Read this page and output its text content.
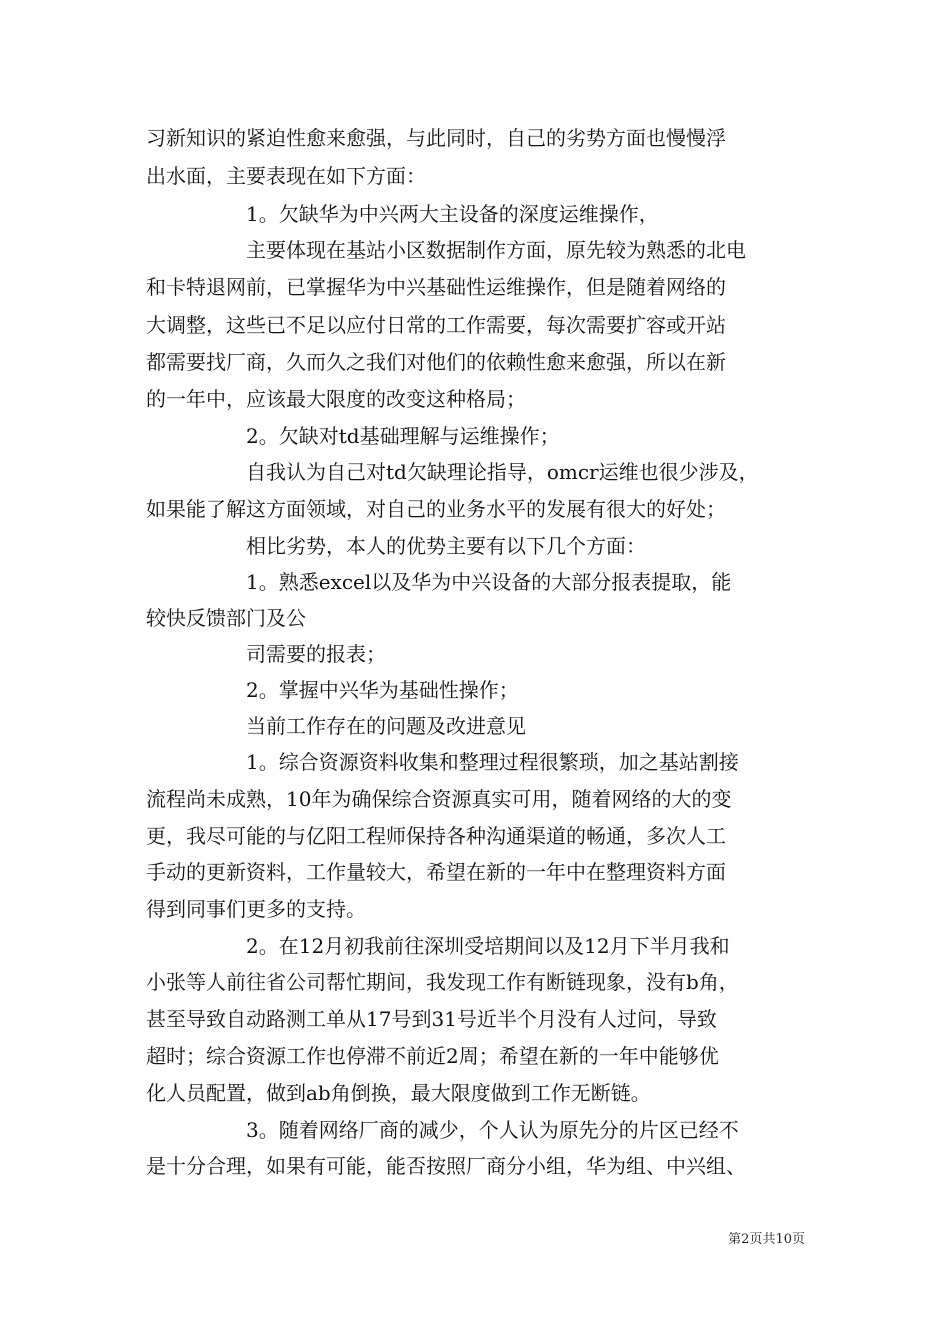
习新知识的紧迫性愈来愈强，与此同时，自己的劣势方面也慢慢浮
出水面，主要表现在如下方面：
1。欠缺华为中兴两大主设备的深度运维操作，
主要体现在基站小区数据制作方面，原先较为熟悉的北电
和卡特退网前，已掌握华为中兴基础性运维操作，但是随着网络的
大调整，这些已不足以应付日常的工作需要，每次需要扩容或开站
都需要找厂商，久而久之我们对他们的依赖性愈来愈强，所以在新
的一年中，应该最大限度的改变这种格局；
2。欠缺对td基础理解与运维操作；
自我认为自己对td欠缺理论指导，omcr运维也很少涉及，
如果能了解这方面领域，对自己的业务水平的发展有很大的好处；
相比劣势，本人的优势主要有以下几个方面：
1。熟悉excel以及华为中兴设备的大部分报表提取，能
较快反馈部门及公
司需要的报表；
2。掌握中兴华为基础性操作；
当前工作存在的问题及改进意见
1。综合资源资料收集和整理过程很繁琐，加之基站割接
流程尚未成熟，10年为确保综合资源真实可用，随着网络的大的变
更，我尽可能的与亿阳工程师保持各种沟通渠道的畅通，多次人工
手动的更新资料，工作量较大，希望在新的一年中在整理资料方面
得到同事们更多的支持。
2。在12月初我前往深圳受培期间以及12月下半月我和
小张等人前往省公司帮忙期间，我发现工作有断链现象，没有b角，
甚至导致自动路测工单从17号到31号近半个月没有人过问，导致
超时；综合资源工作也停滞不前近2周；希望在新的一年中能够优
化人员配置，做到ab角倒换，最大限度做到工作无断链。
3。随着网络厂商的减少，个人认为原先分的片区已经不
是十分合理，如果有可能，能否按照厂商分小组，华为组、中兴组、
第2页共10页
